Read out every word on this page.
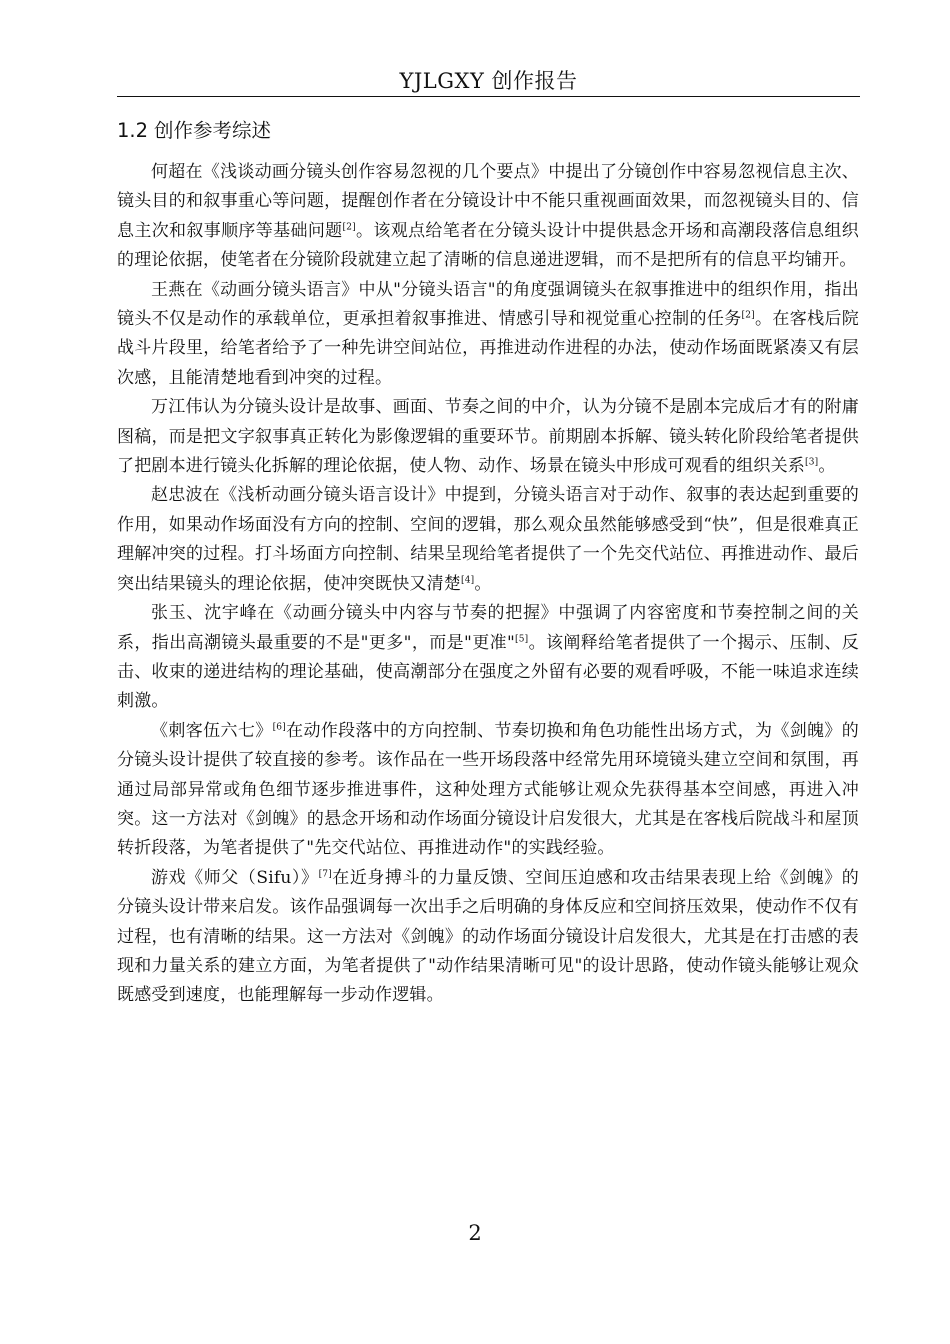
YJLGXY 创作报告
1.2 创作参考综述

何超在《浅谈动画分镜头创作容易忽视的几个要点》中提出了分镜创作中容易忽视信息主次、镜头目的和叙事重心等问题，提醒创作者在分镜设计中不能只重视画面效果，而忽视镜头目的、信息主次和叙事顺序等基础问题[2]。该观点给笔者在分镜头设计中提供悬念开场和高潮段落信息组织的理论依据，使笔者在分镜阶段就建立起了清晰的信息递进逻辑，而不是把所有的信息平均铺开。

王燕在《动画分镜头语言》中从"分镜头语言"的角度强调镜头在叙事推进中的组织作用，指出镜头不仅是动作的承载单位，更承担着叙事推进、情感引导和视觉重心控制的任务[2]。在客栈后院战斗片段里，给笔者给予了一种先讲空间站位，再推进动作进程的办法，使动作场面既紧凑又有层次感，且能清楚地看到冲突的过程。

万江伟认为分镜头设计是故事、画面、节奏之间的中介，认为分镜不是剧本完成后才有的附庸图稿，而是把文字叙事真正转化为影像逻辑的重要环节。前期剧本拆解、镜头转化阶段给笔者提供了把剧本进行镜头化拆解的理论依据，使人物、动作、场景在镜头中形成可观看的组织关系[3]。

赵忠波在《浅析动画分镜头语言设计》中提到，分镜头语言对于动作、叙事的表达起到重要的作用，如果动作场面没有方向的控制、空间的逻辑，那么观众虽然能够感受到“快”，但是很难真正理解冲突的过程。打斗场面方向控制、结果呈现给笔者提供了一个先交代站位、再推进动作、最后突出结果镜头的理论依据，使冲突既快又清楚[4]。

张玉、沈宇峰在《动画分镜头中内容与节奏的把握》中强调了内容密度和节奏控制之间的关系，指出高潮镜头最重要的不是"更多"，而是"更准"[5]。该阐释给笔者提供了一个揭示、压制、反击、收束的递进结构的理论基础，使高潮部分在强度之外留有必要的观看呼吸，不能一味追求连续刺激。

《刺客伍六七》[6]在动作段落中的方向控制、节奏切换和角色功能性出场方式，为《剑魄》的分镜头设计提供了较直接的参考。该作品在一些开场段落中经常先用环境镜头建立空间和氛围，再通过局部异常或角色细节逐步推进事件，这种处理方式能够让观众先获得基本空间感，再进入冲突。这一方法对《剑魄》的悬念开场和动作场面分镜设计启发很大，尤其是在客栈后院战斗和屋顶转折段落，为笔者提供了"先交代站位、再推进动作"的实践经验。

游戏《师父（Sifu）》[7]在近身搏斗的力量反馈、空间压迫感和攻击结果表现上给《剑魄》的分镜头设计带来启发。该作品强调每一次出手之后明确的身体反应和空间挤压效果，使动作不仅有过程，也有清晰的结果。这一方法对《剑魄》的动作场面分镜设计启发很大，尤其是在打击感的表现和力量关系的建立方面，为笔者提供了"动作结果清晰可见"的设计思路，使动作镜头能够让观众既感受到速度，也能理解每一步动作逻辑。

2
